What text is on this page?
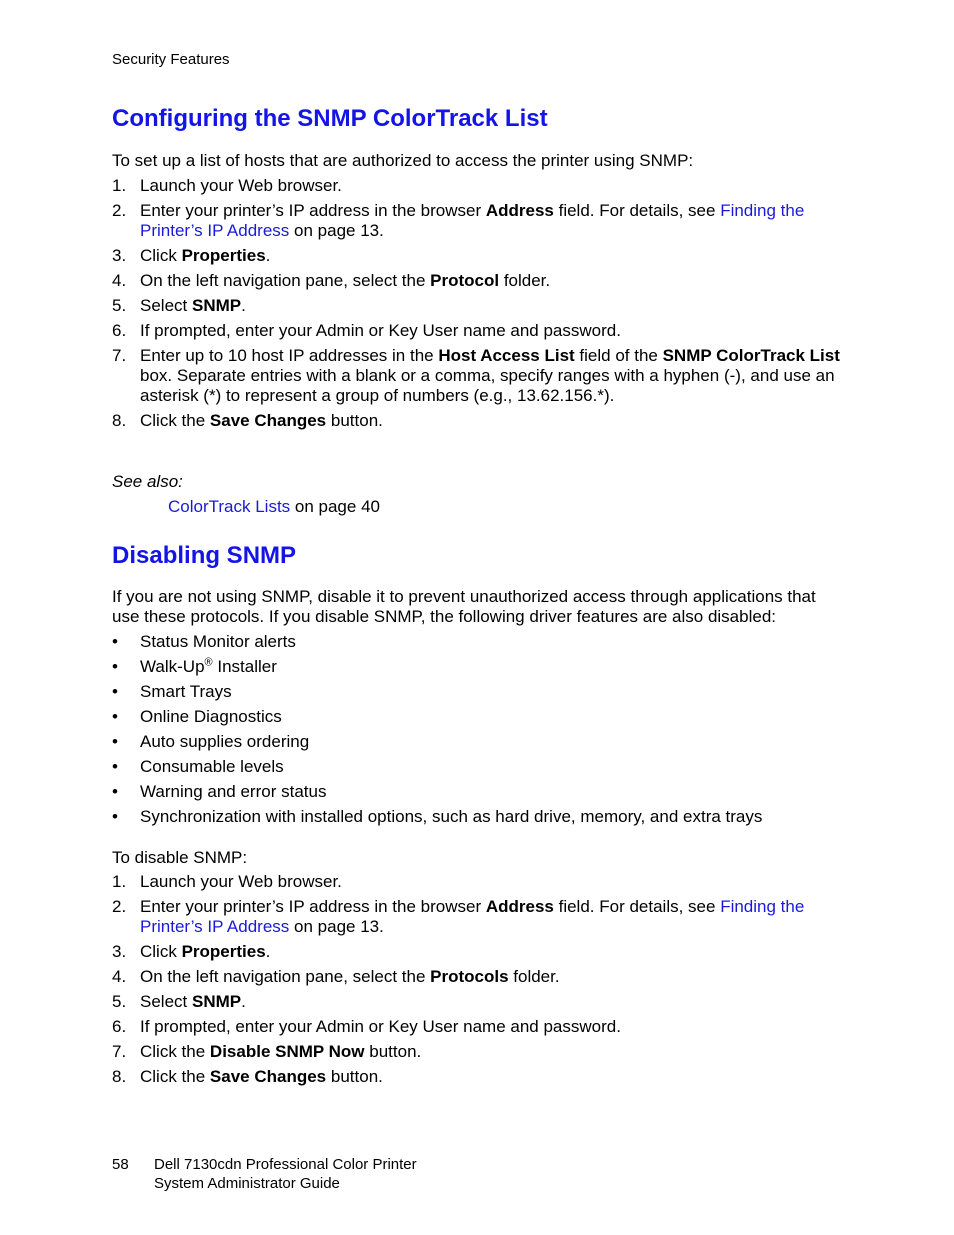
Security Features
Configuring the SNMP ColorTrack List
To set up a list of hosts that are authorized to access the printer using SNMP:
1. Launch your Web browser.
2. Enter your printer’s IP address in the browser Address field. For details, see Finding the Printer’s IP Address on page 13.
3. Click Properties.
4. On the left navigation pane, select the Protocol folder.
5. Select SNMP.
6. If prompted, enter your Admin or Key User name and password.
7. Enter up to 10 host IP addresses in the Host Access List field of the SNMP ColorTrack List box. Separate entries with a blank or a comma, specify ranges with a hyphen (-), and use an asterisk (*) to represent a group of numbers (e.g., 13.62.156.*).
8. Click the Save Changes button.
See also:
ColorTrack Lists on page 40
Disabling SNMP
If you are not using SNMP, disable it to prevent unauthorized access through applications that use these protocols. If you disable SNMP, the following driver features are also disabled:
• Status Monitor alerts
• Walk-Up® Installer
• Smart Trays
• Online Diagnostics
• Auto supplies ordering
• Consumable levels
• Warning and error status
• Synchronization with installed options, such as hard drive, memory, and extra trays
To disable SNMP:
1. Launch your Web browser.
2. Enter your printer’s IP address in the browser Address field. For details, see Finding the Printer’s IP Address on page 13.
3. Click Properties.
4. On the left navigation pane, select the Protocols folder.
5. Select SNMP.
6. If prompted, enter your Admin or Key User name and password.
7. Click the Disable SNMP Now button.
8. Click the Save Changes button.
58 Dell 7130cdn Professional Color Printer
System Administrator Guide
